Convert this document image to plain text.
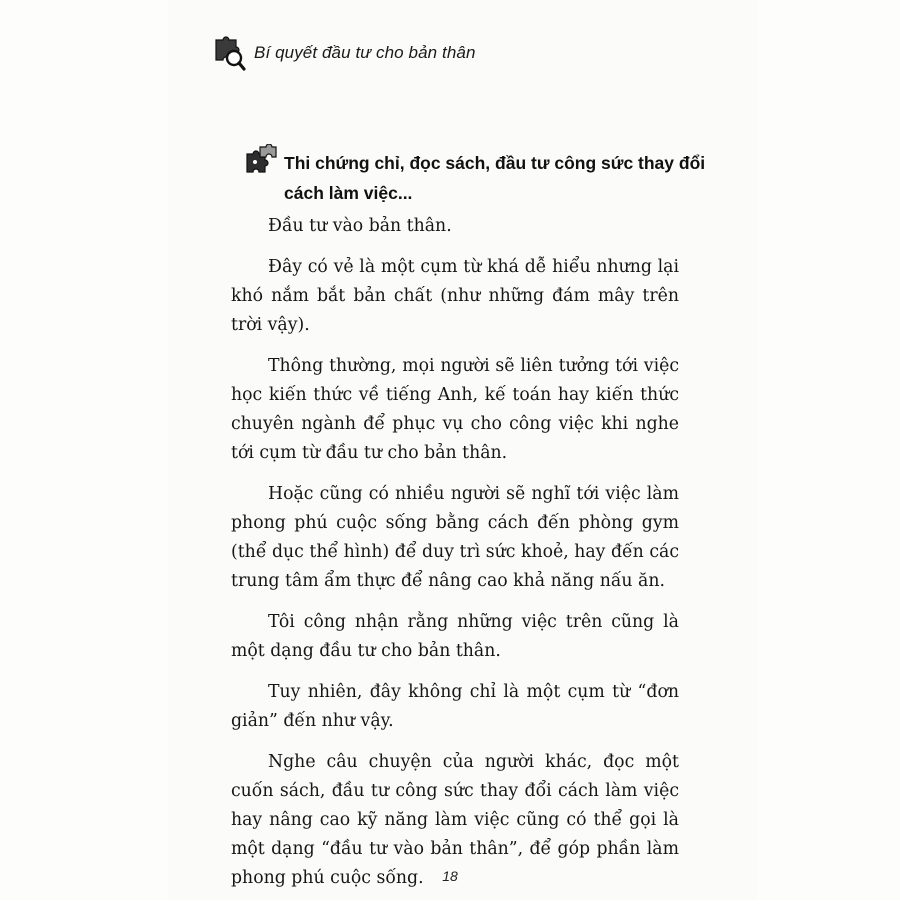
Bí quyết đầu tư cho bản thân
Thi chứng chỉ, đọc sách, đầu tư công sức thay đổi cách làm việc...

Đầu tư vào bản thân.

Đây có vẻ là một cụm từ khá dễ hiểu nhưng lại khó nắm bắt bản chất (như những đám mây trên trời vậy).

Thông thường, mọi người sẽ liên tưởng tới việc học kiến thức về tiếng Anh, kế toán hay kiến thức chuyên ngành để phục vụ cho công việc khi nghe tới cụm từ đầu tư cho bản thân.

Hoặc cũng có nhiều người sẽ nghĩ tới việc làm phong phú cuộc sống bằng cách đến phòng gym (thể dục thể hình) để duy trì sức khoẻ, hay đến các trung tâm ẩm thực để nâng cao khả năng nấu ăn.

Tôi công nhận rằng những việc trên cũng là một dạng đầu tư cho bản thân.

Tuy nhiên, đây không chỉ là một cụm từ “đơn giản” đến như vậy.

Nghe câu chuyện của người khác, đọc một cuốn sách, đầu tư công sức thay đổi cách làm việc hay nâng cao kỹ năng làm việc cũng có thể gọi là một dạng “đầu tư vào bản thân”, để góp phần làm phong phú cuộc sống.	18
